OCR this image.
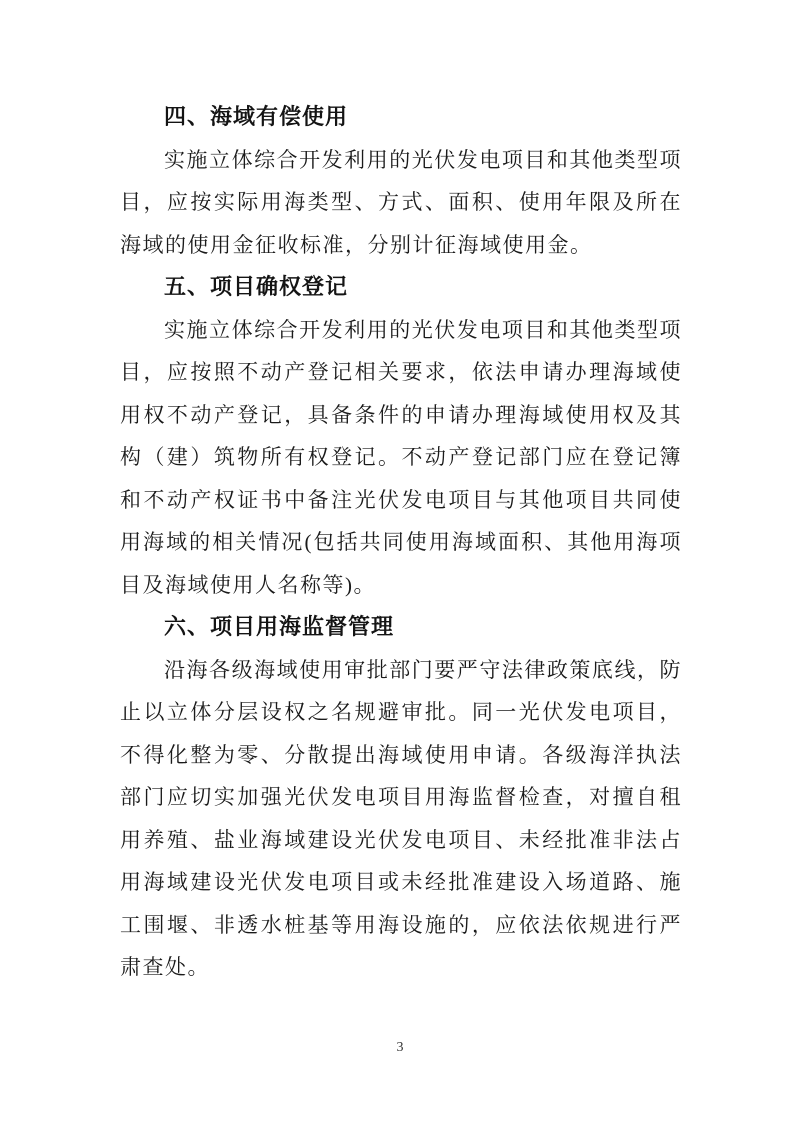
四、海域有偿使用

实施立体综合开发利用的光伏发电项目和其他类型项目，应按实际用海类型、方式、面积、使用年限及所在海域的使用金征收标准，分别计征海域使用金。

五、项目确权登记

实施立体综合开发利用的光伏发电项目和其他类型项目，应按照不动产登记相关要求，依法申请办理海域使用权不动产登记，具备条件的申请办理海域使用权及其构（建）筑物所有权登记。不动产登记部门应在登记簿和不动产权证书中备注光伏发电项目与其他项目共同使用海域的相关情况(包括共同使用海域面积、其他用海项目及海域使用人名称等)。

六、项目用海监督管理

沿海各级海域使用审批部门要严守法律政策底线，防止以立体分层设权之名规避审批。同一光伏发电项目，不得化整为零、分散提出海域使用申请。各级海洋执法部门应切实加强光伏发电项目用海监督检查，对擅自租用养殖、盐业海域建设光伏发电项目、未经批准非法占用海域建设光伏发电项目或未经批准建设入场道路、施工围堰、非透水桩基等用海设施的，应依法依规进行严肃查处。

3
